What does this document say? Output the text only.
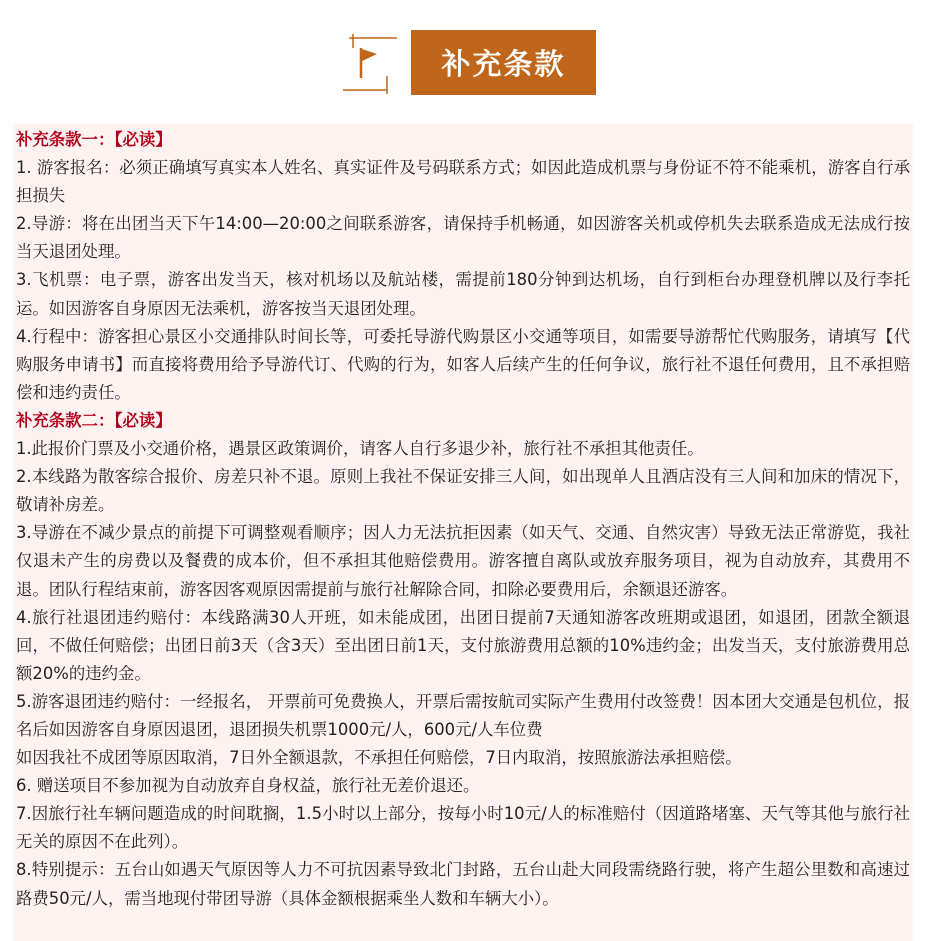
补充条款

补充条款一：【必读】

1. 游客报名：必须正确填写真实本人姓名、真实证件及号码联系方式；如因此造成机票与身份证不符不能乘机，游客自行承担损失

2.导游：将在出团当天下午14:00—20:00之间联系游客，请保持手机畅通，如因游客关机或停机失去联系造成无法成行按当天退团处理。

3.飞机票：电子票，游客出发当天，核对机场以及航站楼，需提前180分钟到达机场，自行到柜台办理登机牌以及行李托运。如因游客自身原因无法乘机，游客按当天退团处理。

4.行程中：游客担心景区小交通排队时间长等，可委托导游代购景区小交通等项目，如需要导游帮忙代购服务，请填写【代购服务申请书】而直接将费用给予导游代订、代购的行为，如客人后续产生的任何争议，旅行社不退任何费用，且不承担赔偿和违约责任。

补充条款二：【必读】

1.此报价门票及小交通价格，遇景区政策调价，请客人自行多退少补，旅行社不承担其他责任。

2.本线路为散客综合报价、房差只补不退。原则上我社不保证安排三人间，如出现单人且酒店没有三人间和加床的情况下，敬请补房差。

3.导游在不减少景点的前提下可调整观看顺序；因人力无法抗拒因素（如天气、交通、自然灾害）导致无法正常游览，我社仅退未产生的房费以及餐费的成本价，但不承担其他赔偿费用。游客擅自离队或放弃服务项目，视为自动放弃，其费用不退。团队行程结束前，游客因客观原因需提前与旅行社解除合同，扣除必要费用后，余额退还游客。

4.旅行社退团违约赔付：本线路满30人开班，如未能成团，出团日提前7天通知游客改班期或退团，如退团，团款全额退回，不做任何赔偿；出团日前3天（含3天）至出团日前1天，支付旅游费用总额的10%违约金；出发当天，支付旅游费用总额20%的违约金。

5.游客退团违约赔付：一经报名， 开票前可免费换人，开票后需按航司实际产生费用付改签费！因本团大交通是包机位，报名后如因游客自身原因退团，退团损失机票1000元/人，600元/人车位费

如因我社不成团等原因取消，7日外全额退款，不承担任何赔偿，7日内取消，按照旅游法承担赔偿。

6. 赠送项目不参加视为自动放弃自身权益，旅行社无差价退还。

7.因旅行社车辆问题造成的时间耽搁，1.5小时以上部分，按每小时10元/人的标准赔付（因道路堵塞、天气等其他与旅行社无关的原因不在此列）。

8.特别提示：五台山如遇天气原因等人力不可抗因素导致北门封路，五台山赴大同段需绕路行驶，将产生超公里数和高速过路费50元/人，需当地现付带团导游（具体金额根据乘坐人数和车辆大小）。
